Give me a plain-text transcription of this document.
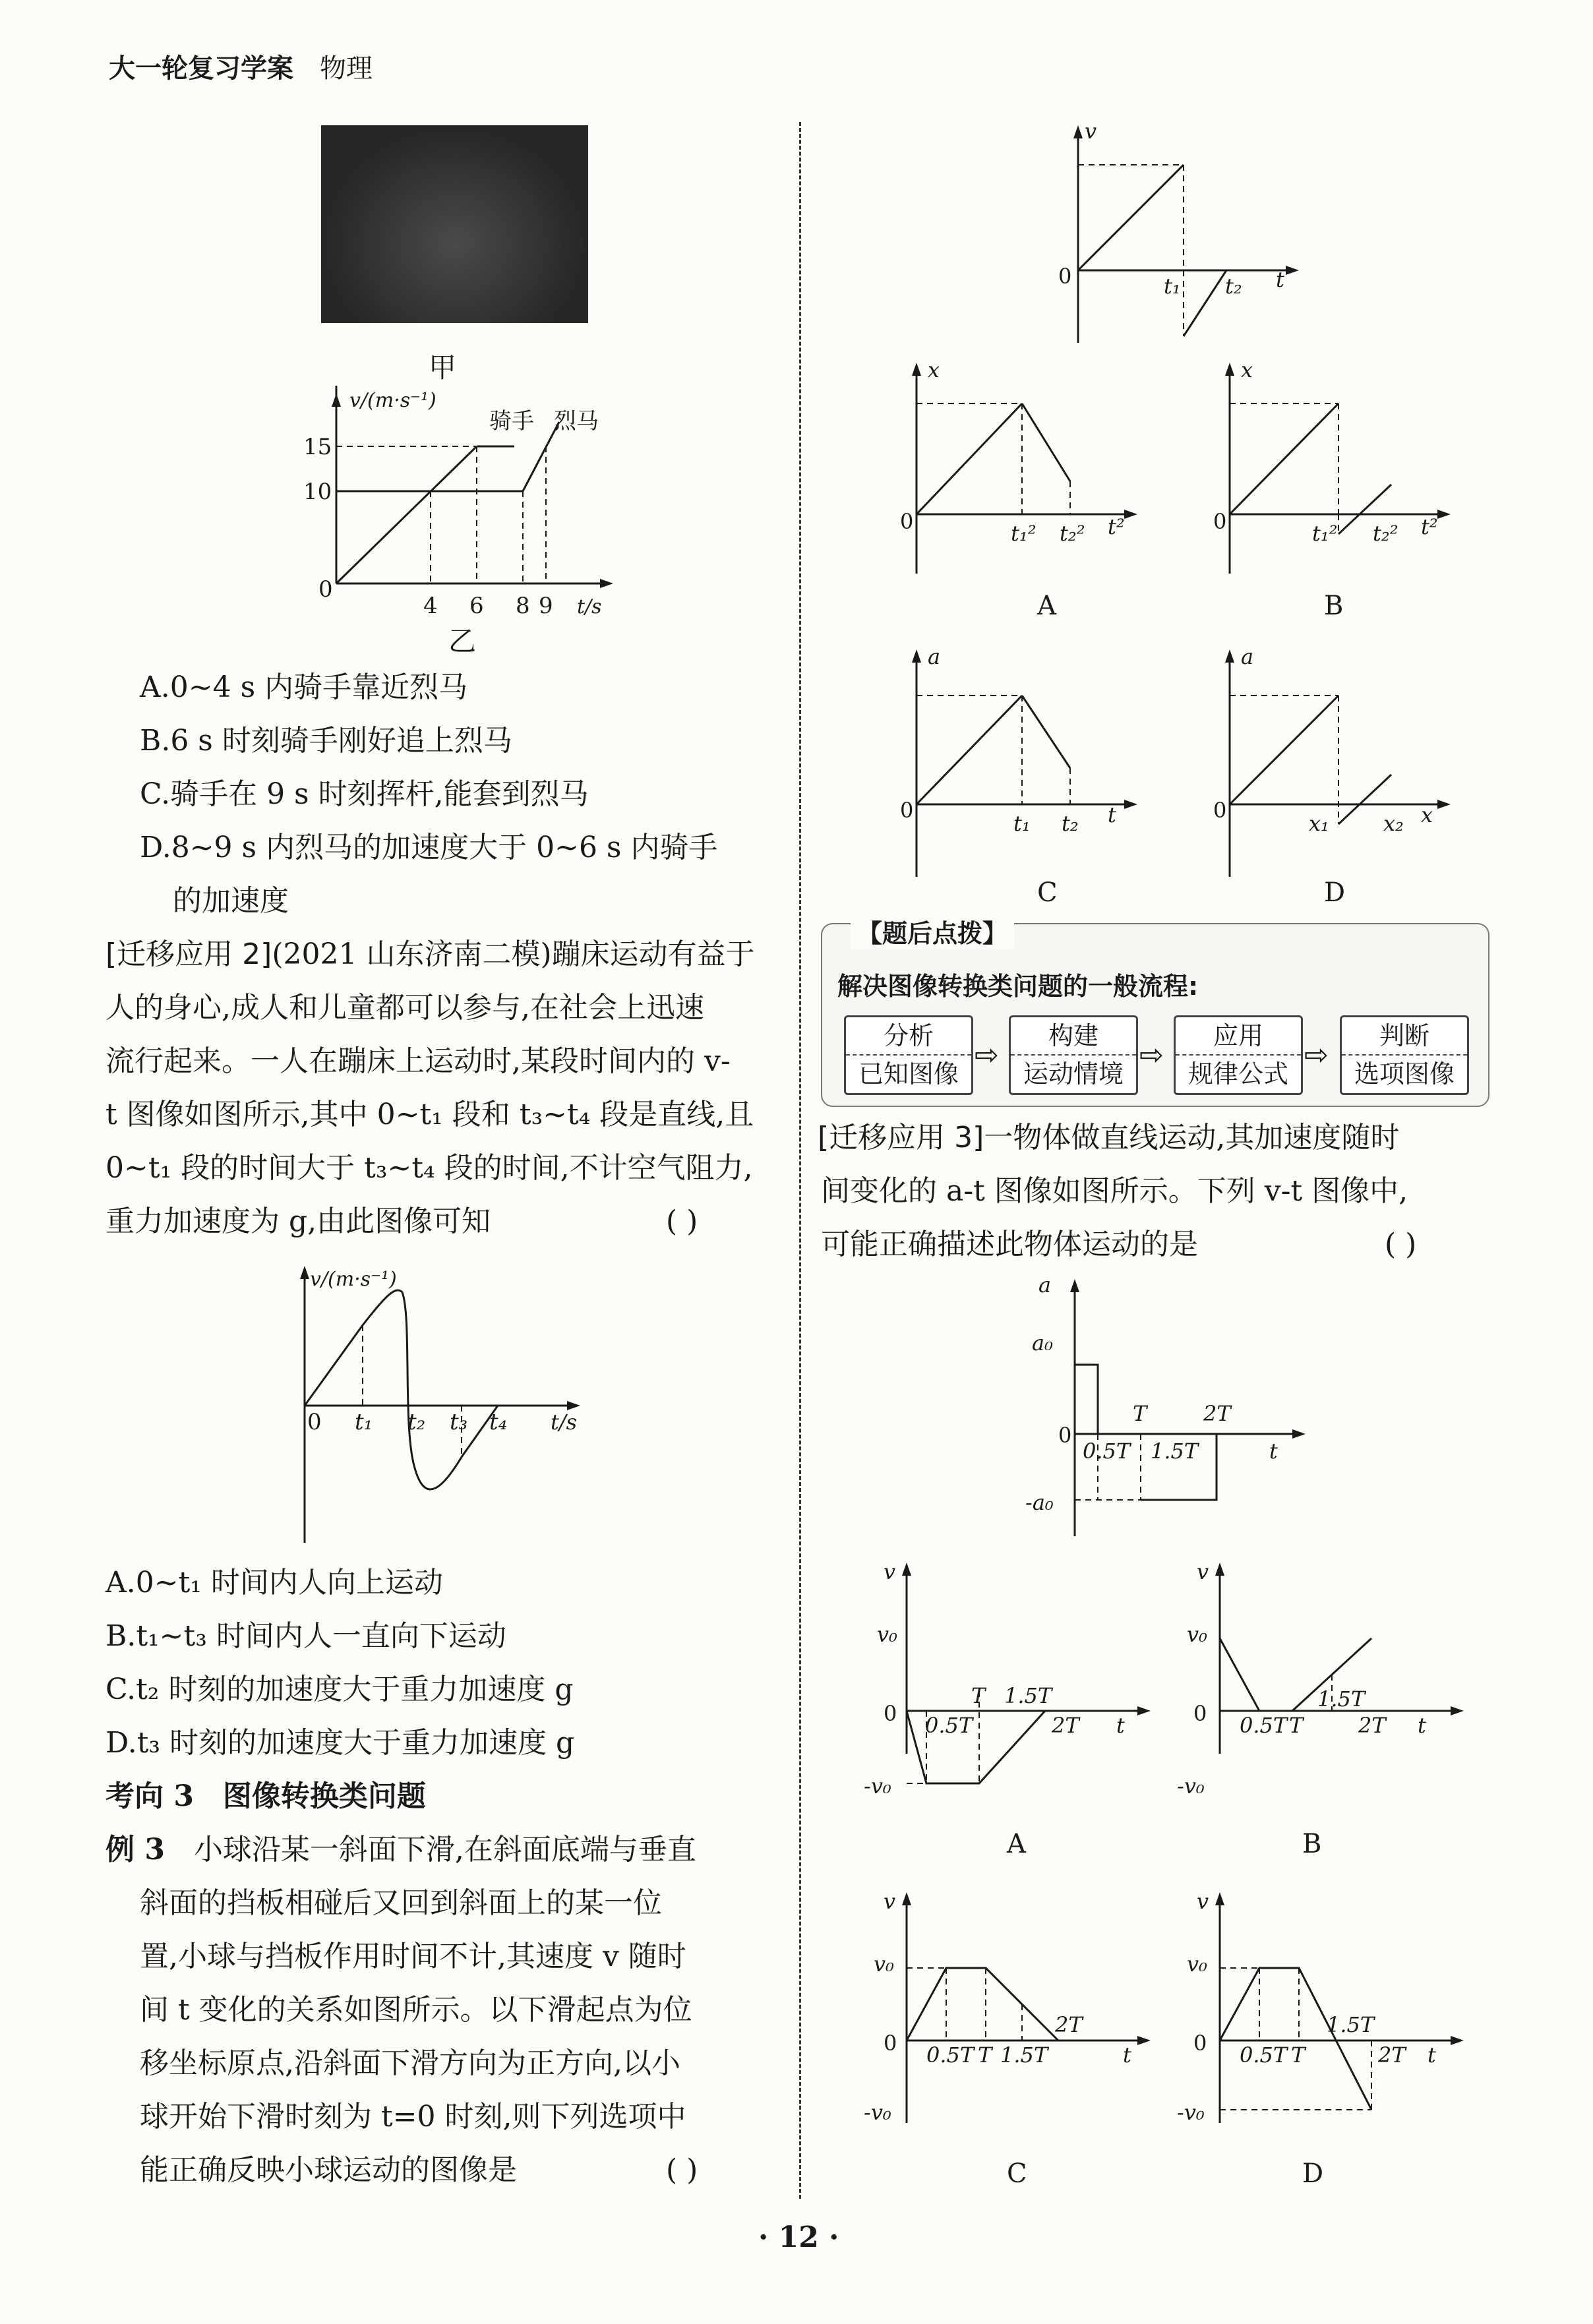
大一轮复习学案 物理
甲
v/(m·s⁻¹)
15
10
0
4 6 8 9 t/s
骑手 烈马
乙
A.0~4 s 内骑手靠近烈马
B.6 s 时刻骑手刚好追上烈马
C.骑手在 9 s 时刻挥杆,能套到烈马
D.8~9 s 内烈马的加速度大于 0~6 s 内骑手
的加速度
[迁移应用 2](2021 山东济南二模)蹦床运动有益于
人的身心,成人和儿童都可以参与,在社会上迅速
流行起来。一人在蹦床上运动时,某段时间内的 v-
t 图像如图所示,其中 0~t₁ 段和 t₃~t₄ 段是直线,且
0~t₁ 段的时间大于 t₃~t₄ 段的时间,不计空气阻力,
重力加速度为 g,由此图像可知	( )
v/(m·s⁻¹)
0 t₁ t₂ t₃ t₄ t/s
A.0~t₁ 时间内人向上运动
B.t₁~t₃ 时间内人一直向下运动
C.t₂ 时刻的加速度大于重力加速度 g
D.t₃ 时刻的加速度大于重力加速度 g
考向 3　图像转换类问题
例 3　 小球沿某一斜面下滑,在斜面底端与垂直
斜面的挡板相碰后又回到斜面上的某一位
置,小球与挡板作用时间不计,其速度 v 随时
间 t 变化的关系如图所示。以下滑起点为位
移坐标原点,沿斜面下滑方向为正方向,以小
球开始下滑时刻为 t=0 时刻,则下列选项中
能正确反映小球运动的图像是	( )
v
0	t₁ t₂ t
x
0	t₁² t₂² t²
A
x
0	t₁² t₂² t²
B
a
0
t₁ t₂ t
C
a
0
x₁	x₂ x
D
【题后点拨】
解决图像转换类问题的一般流程:
分析
已知图像
⇨
构建
运动情境
⇨
应用
规律公式
⇨
判断
选项图像
[迁移应用 3]一物体做直线运动,其加速度随时
间变化的 a-t 图像如图所示。下列 v-t 图像中,
可能正确描述此物体运动的是	( )
a
a₀
0
-a₀
T	2T
0.5T 1.5T	t
v
v₀
0
-v₀
T 1.5T
0.5T	2T t
A
v
v₀
0
-v₀
1.5T
0.5T T	2T t
B
v
v₀
0
-v₀
2T
0.5T T 1.5T	t
C
v
v₀
0
-v₀
1.5T
0.5T T	2T t
D
· 12 ·
